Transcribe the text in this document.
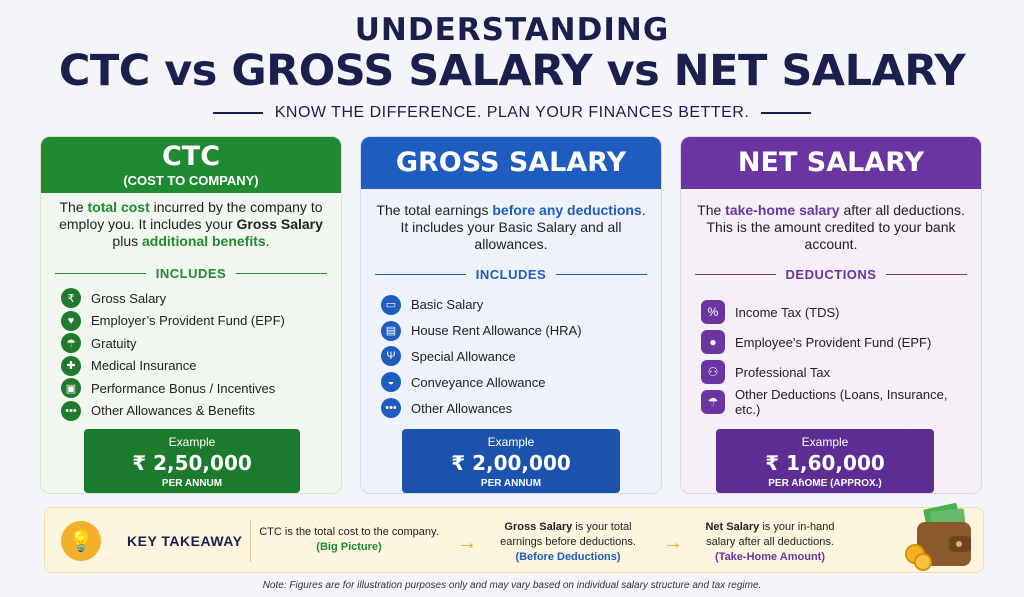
UNDERSTANDING
CTC vs GROSS SALARY vs NET SALARY
KNOW THE DIFFERENCE. PLAN YOUR FINANCES BETTER.
CTC
(COST TO COMPANY)
The total cost incurred by the company to employ you. It includes your Gross Salary plus additional benefits.
INCLUDES
₹	Gross Salary
♥	Employer’s Provident Fund (EPF)
☂	Gratuity
✚	Medical Insurance
▣	Performance Bonus / Incentives
•••	Other Allowances & Benefits
Example
₹ 2,50,000
PER ANNUM
GROSS SALARY
The total earnings before any deductions. It includes your Basic Salary and all allowances.
INCLUDES
▭	Basic Salary
▤	House Rent Allowance (HRA)
Ψ	Special Allowance
◒	Conveyance Allowance
•••	Other Allowances
Example
₹ 2,00,000
PER ANNUM
NET SALARY
The take-home salary after all deductions. This is the amount credited to your bank account.
DEDUCTIONS
%	Income Tax (TDS)
●	Employee’s Provident Fund (EPF)
⚇	Professional Tax
☂	Other Deductions (Loans, Insurance, etc.)
Example
₹ 1,60,000
PER AɦOME (APPROX.)
💡	KEY TAKEAWAY
CTC is the total cost to the company.
(Big Picture)	→
Gross Salary is your total earnings before deductions.
(Before Deductions)
→
Net Salary is your in-hand salary after all deductions.
(Take-Home Amount)
Note: Figures are for illustration purposes only and may vary based on individual salary structure and tax regime.
